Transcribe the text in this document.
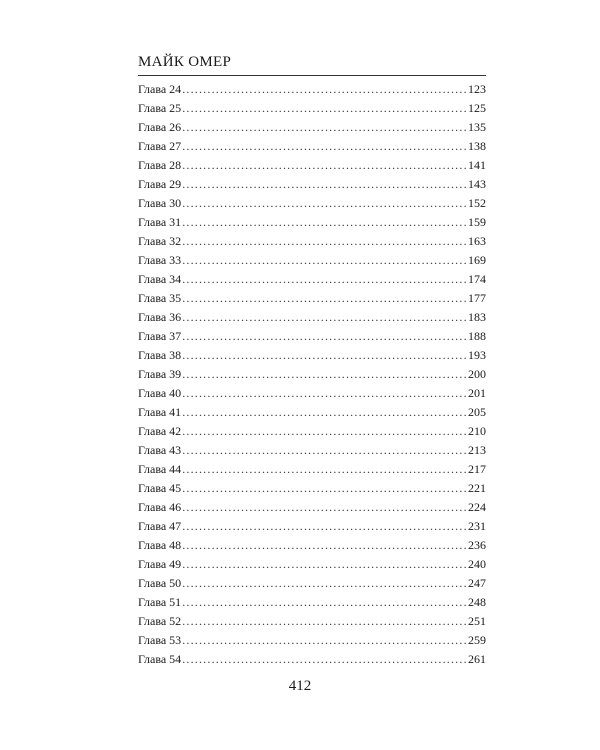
МАЙК ОМЕР
Глава 24 .....	123
Глава 25 .....	125
Глава 26 .....	135
Глава 27 .....	138
Глава 28 .....	141
Глава 29 .....	143
Глава 30 .....	152
Глава 31 .....	159
Глава 32 .....	163
Глава 33 .....	169
Глава 34 .....	174
Глава 35 .....	177
Глава 36 .....	183
Глава 37 .....	188
Глава 38 .....	193
Глава 39 .....	200
Глава 40 .....	201
Глава 41 .....	205
Глава 42 .....	210
Глава 43 .....	213
Глава 44 .....	217
Глава 45 .....	221
Глава 46 .....	224
Глава 47 .....	231
Глава 48 .....	236
Глава 49 .....	240
Глава 50 .....	247
Глава 51 .....	248
Глава 52 .....	251
Глава 53 .....	259
Глава 54 .....	261
412
